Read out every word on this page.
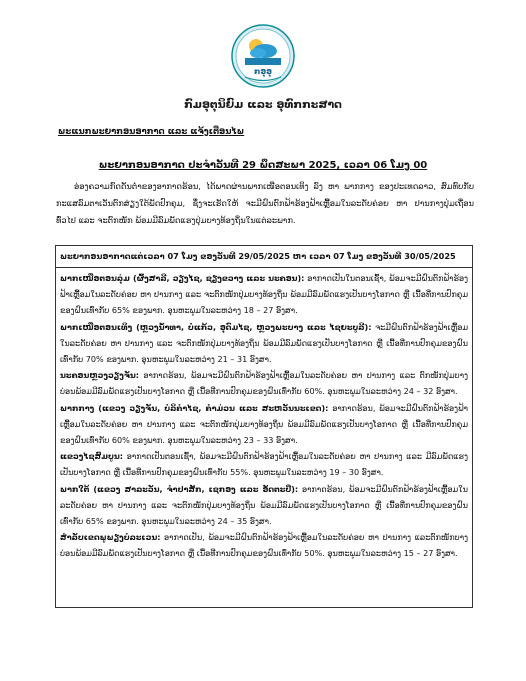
ກອຸອຸ
ກົມອຸຕຸນິຍົມ ແລະ ອຸທົກກະສາດ
ພະແນກພະຍາກອນອາກາດ ແລະ ແຈ້ງເຕືອນໄພ
ພະຍາກອນອາກາດ ປະຈຳວັນທີ 29 ພຶດສະພາ 2025, ເວລາ 06 ໂມງ 00
ອ່ອງຄວາມກົດດັນຕໍ່າຂອງອາກາດຮ້ອນ, ໄດ້ພາດຜ່ານພາກເໜືອຕອນເທິງ ລົງ ຫາ ພາກກາງ ຂອງປະເທດລາວ, ສົມທົບກັບກະແສລົມຕາເວັນຕົກສ່ຽງໃຕ້ພັດປົກຄຸມ, ຊຶ່ງຈະເຮັດໃຫ້ ຈະມີຝົນຕົກຟ້າຮ້ອງຟ້າເຫຼື້ອມໃນລະດັບຄ່ອຍ ຫາ ປານກາງປຸ່ມເຖື່ອນທົ່ວໄປ ແລະ ຈະຕົກໜັກ ພ້ອມມີລົມພັດແຮງປຸ່ມບາງທ້ອງຖິ່ນໃນແຕ່ລະພາກ.
ພະຍາກອນອາກາດແຕ່ເວລາ 07 ໂມງ ຂອງວັນທີ 29/05/2025 ຫາ ເວລາ 07 ໂມງ ຂອງວັນທີ 30/05/2025

ພາກເໜືອຕອນລຸ່ມ (ຜົ້ງສາລີ, ວຽງໄຊ, ຊຽງຂວາງ ແລະ ນະຄອນ): ອາກາດເປັນໃນຕອນເຊົ້າ, ພ້ອມຈະມີຝົນຕົກຟ້າຮ້ອງຟ້າເຫຼື້ອມໃນລະດັບຄ່ອຍ ຫາ ປານກາງ ແລະ ຈະຕົກໜັກປຸ່ມບາງທ້ອງຖິ່ນ ພ້ອມມີລົມພັດແຮງເປັນບາງໂອກາດ ຫຼື ເນື້ອທີ່ການປົກຄຸມຂອງຝົນເທົ່າກັບ 65% ຂອງພາກ. ອຸນຫະພູມໃນລະຫວ່າງ 18 – 27 ອົງສາ.

ພາກເໜືອຕອນເທິງ (ຫຼວງນ້ຳທາ, ບໍ່ແກ້ວ, ອຸດົມໄຊ, ຫຼວງພະບາງ ແລະ ໄຊຍະບູລີ): ຈະມີຝົນຕົກຟ້າຮ້ອງຟ້າເຫຼື້ອມໃນລະດັບຄ່ອຍ ຫາ ປານກາງ ແລະ ຈະຕົກໜັກປຸ່ມບາງທ້ອງຖິ່ນ ພ້ອມມີລົມພັດແຮງເປັນບາງໂອກາດ ຫຼື ເນື້ອທີ່ການປົກຄຸມຂອງຝົນເທົ່າກັບ 70% ຂອງພາກ. ອຸນຫະພູມໃນລະຫວ່າງ 21 – 31 ອົງສາ.

ນະຄອນຫຼວງວຽງຈັນ: ອາກາດຮ້ອນ, ພ້ອມຈະມີຝົນຕົກຟ້າຮ້ອງຟ້າເຫຼື້ອມໃນລະດັບຄ່ອຍ ຫາ ປານກາງ ແລະ ຕົກໜັກປຸ່ມບາງບ່ອນພ້ອມມີລົມພັດແຮງເປັນບາງໂອກາດ ຫຼື ເນື້ອທີ່ການປົກຄຸມຂອງຝົນເທົ່າກັບ 60%. ອຸນຫະພູມໃນລະຫວ່າງ 24 – 32 ອົງສາ.

ພາກກາງ (ແຂວງ ວຽງຈັນ, ບໍລິຄຳໄຊ, ຄຳມ່ວນ ແລະ ສະຫວັນນະເຂດ): ອາກາດຮ້ອນ, ພ້ອມຈະມີຝົນຕົກຟ້າຮ້ອງຟ້າເຫຼື້ອມໃນລະດັບຄ່ອຍ ຫາ ປານກາງ ແລະ ຈະຕົກໜັກປຸ່ມບາງທ້ອງຖິ່ນ ພ້ອມມີລົມພັດແຮງເປັນບາງໂອກາດ ຫຼື ເນື້ອທີ່ການປົກຄຸມຂອງຝົນເທົ່າກັບ 60% ຂອງພາກ. ອຸນຫະພູມໃນລະຫວ່າງ 23 – 33 ອົງສາ.

ແຂວງໄຊສົມບູນ: ອາກາດເປັນຕອນເຊົ້າ, ພ້ອມຈະມີຝົນຕົກຟ້າຮ້ອງຟ້າເຫຼື້ອມໃນລະດັບຄ່ອຍ ຫາ ປານກາງ ແລະ ມີລົມພັດແຮງເປັນບາງໂອກາດ ຫຼື ເນື້ອທີ່ການປົກຄຸມຂອງຝົນເທົ່າກັບ 55%. ອຸນຫະພູມໃນລະຫວ່າງ 19 – 30 ອົງສາ.

ພາກໃຕ້ (ແຂວງ ສາລະວັນ, ຈຳປາສັກ, ເຊກອງ ແລະ ອັດຕະປື): ອາກາດຮ້ອນ, ພ້ອມຈະມີຝົນຕົກຟ້າຮ້ອງຟ້າເຫຼື້ອມໃນລະດັບຄ່ອຍ ຫາ ປານກາງ ແລະ ຈະຕົກໜັກປຸ່ມບາງທ້ອງຖິ່ນ ພ້ອມມີລົມພັດແຮງເປັນບາງໂອກາດ ຫຼື ເນື້ອທີ່ການປົກຄຸມຂອງຝົນເທົ່າກັບ 65% ຂອງພາກ. ອຸນຫະພູມໃນລະຫວ່າງ 24 – 35 ອົງສາ.

ສຳລັບເຂດພູພຽງບໍລະເວນ: ອາກາດເປັນ, ພ້ອມຈະມີຝົນຕົກຟ້າຮ້ອງຟ້າເຫຼື້ອມໃນລະດັບຄ່ອຍ ຫາ ປານກາງ ແລະຕົກໜັກບາງບ່ອນພ້ອມມີລົມພັດແຮງເປັນບາງໂອກາດ ຫຼື ເນື້ອທີ່ການປົກຄຸມຂອງຝົນເທົ່າກັບ 50%. ອຸນຫະພູມໃນລະຫວ່າງ 15 – 27 ອົງສາ.
